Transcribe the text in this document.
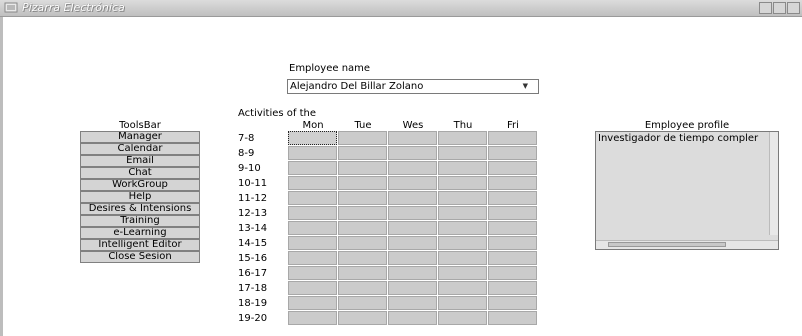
Pizarra Electrónica
Employee name
Alejandro Del Billar Zolano	▼
Activities of the
Mon	Tue	Wes	Thu	Fri
ToolsBar
Manager
Calendar
Email
Chat
WorkGroup
Help
Desires & Intensions
Training
e-Learning
Intelligent Editor
Close Sesion
7-8
8-9
9-10
10-11
11-12
12-13
13-14
14-15
15-16
16-17
17-18
18-19
19-20
Employee profile
Investigador de tiempo compler
